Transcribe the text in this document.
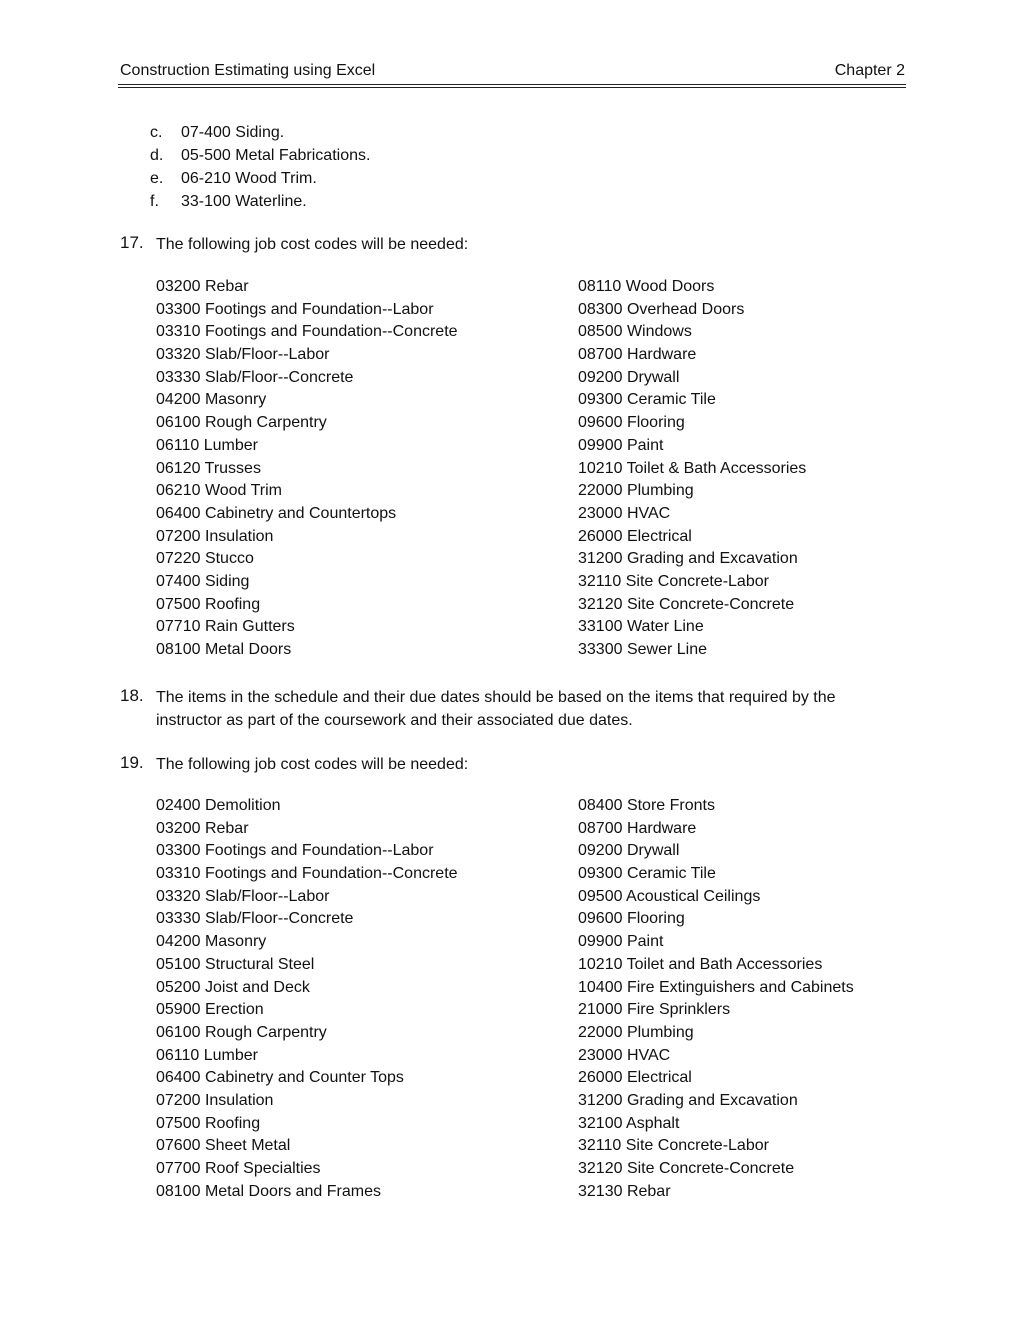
Construction Estimating using Excel	Chapter 2
c. 07-400 Siding.
d. 05-500 Metal Fabrications.
e. 06-210 Wood Trim.
f. 33-100 Waterline.
17. The following job cost codes will be needed:
03200 Rebar
03300 Footings and Foundation--Labor
03310 Footings and Foundation--Concrete
03320 Slab/Floor--Labor
03330 Slab/Floor--Concrete
04200 Masonry
06100 Rough Carpentry
06110 Lumber
06120 Trusses
06210 Wood Trim
06400 Cabinetry and Countertops
07200 Insulation
07220 Stucco
07400 Siding
07500 Roofing
07710 Rain Gutters
08100 Metal Doors
08110 Wood Doors
08300 Overhead Doors
08500 Windows
08700 Hardware
09200 Drywall
09300 Ceramic Tile
09600 Flooring
09900 Paint
10210 Toilet & Bath Accessories
22000 Plumbing
23000 HVAC
26000 Electrical
31200 Grading and Excavation
32110 Site Concrete-Labor
32120 Site Concrete-Concrete
33100 Water Line
33300 Sewer Line
18. The items in the schedule and their due dates should be based on the items that required by the
instructor as part of the coursework and their associated due dates.
19. The following job cost codes will be needed:
02400 Demolition
03200 Rebar
03300 Footings and Foundation--Labor
03310 Footings and Foundation--Concrete
03320 Slab/Floor--Labor
03330 Slab/Floor--Concrete
04200 Masonry
05100 Structural Steel
05200 Joist and Deck
05900 Erection
06100 Rough Carpentry
06110 Lumber
06400 Cabinetry and Counter Tops
07200 Insulation
07500 Roofing
07600 Sheet Metal
07700 Roof Specialties
08100 Metal Doors and Frames
08400 Store Fronts
08700 Hardware
09200 Drywall
09300 Ceramic Tile
09500 Acoustical Ceilings
09600 Flooring
09900 Paint
10210 Toilet and Bath Accessories
10400 Fire Extinguishers and Cabinets
21000 Fire Sprinklers
22000 Plumbing
23000 HVAC
26000 Electrical
31200 Grading and Excavation
32100 Asphalt
32110 Site Concrete-Labor
32120 Site Concrete-Concrete
32130 Rebar
